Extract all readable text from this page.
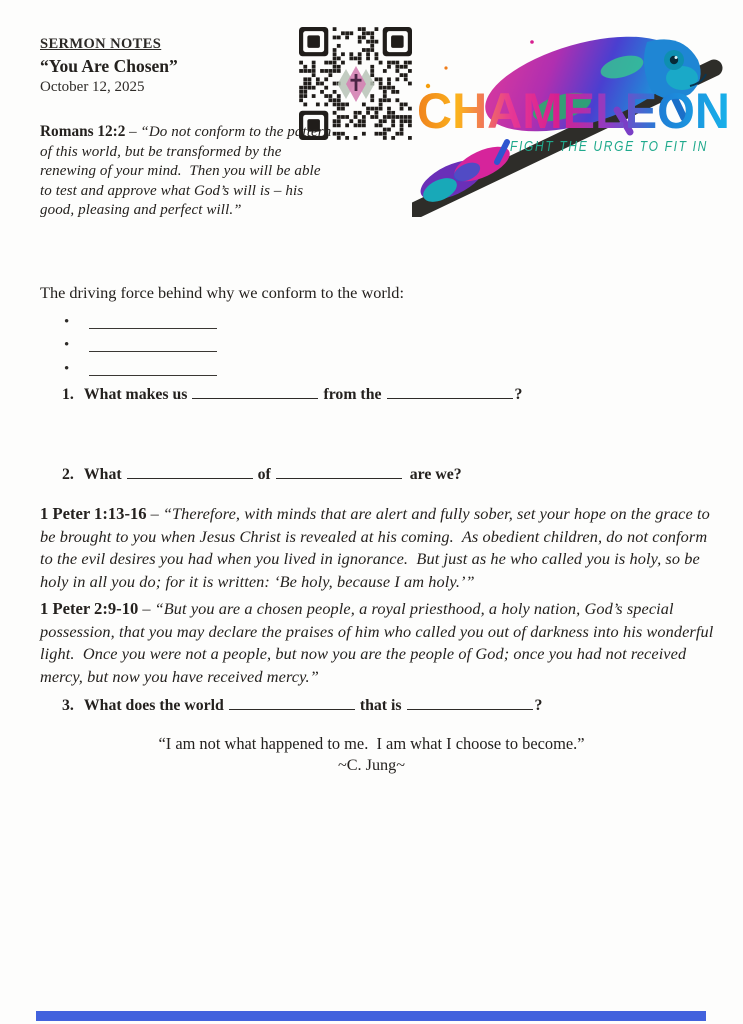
SERMON NOTES
“You Are Chosen”
October 12, 2025	CHAMELEON
FIGHT THE URGE TO FIT IN

Romans 12:2 – “Do not conform to the pattern of this world, but be transformed by the renewing of your mind.  Then you will be able to test and approve what God’s will is – his good, pleasing and perfect will.”

The driving force behind why we conform to the world:

•
•
•
1. What makes us	from the	?
2. What	of	are we?

1 Peter 1:13-16 – “Therefore, with minds that are alert and fully sober, set your hope on the grace to be brought to you when Jesus Christ is revealed at his coming.  As obedient children, do not conform to the evil desires you had when you lived in ignorance.  But just as he who called you is holy, so be holy in all you do; for it is written: ‘Be holy, because I am holy.’”

1 Peter 2:9-10 – “But you are a chosen people, a royal priesthood, a holy nation, God’s special possession, that you may declare the praises of him who called you out of darkness into his wonderful light.  Once you were not a people, but now you are the people of God; once you had not received mercy, but now you have received mercy.”

3. What does the world	that is	?

“I am not what happened to me.  I am what I choose to become.”

~C. Jung~
